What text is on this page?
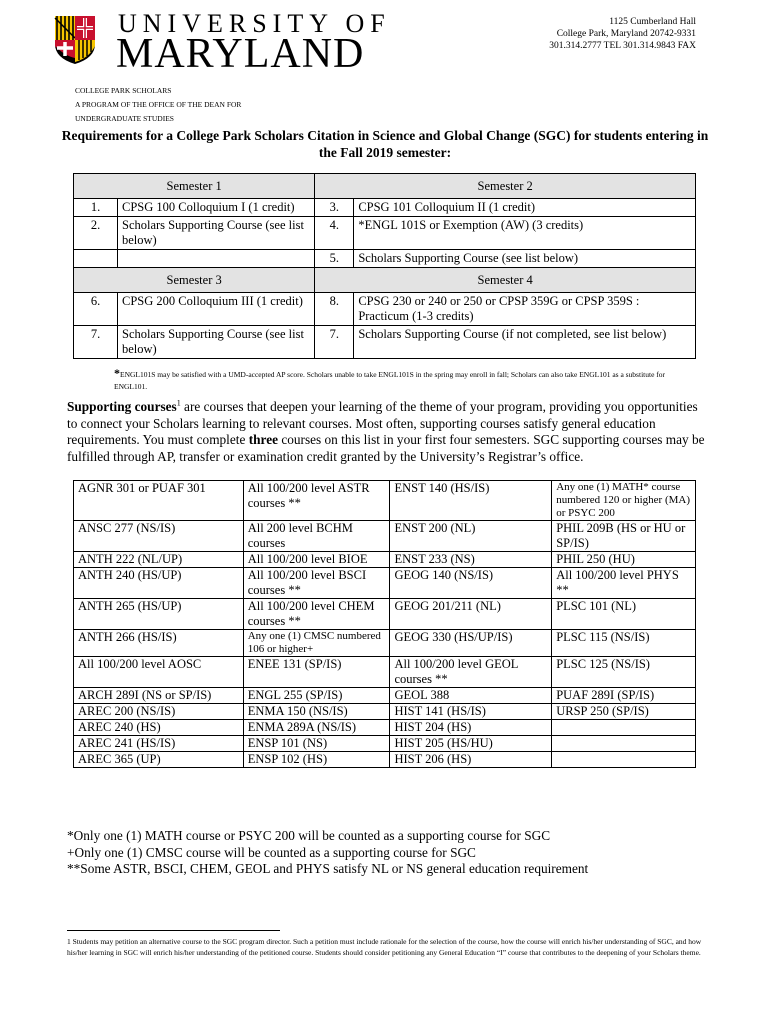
UNIVERSITY OF
MARYLAND
1125 Cumberland Hall
College Park, Maryland 20742-9331
301.314.2777 TEL 301.314.9843 FAX
COLLEGE PARK SCHOLARS
A PROGRAM OF THE OFFICE OF THE DEAN FOR
UNDERGRADUATE STUDIES
Requirements for a College Park Scholars Citation in Science and Global Change (SGC) for students entering in the Fall 2019 semester:
Semester 1		Semester 2	
1.	CPSG 100 Colloquium I (1 credit)	3.	CPSG 101 Colloquium II (1 credit)
2.	Scholars Supporting Course (see list below)	4.	*ENGL 101S or Exemption (AW) (3 credits)
		5.	Scholars Supporting Course (see list below)
Semester 3		Semester 4	
6.	CPSG 200 Colloquium III (1 credit)	8.	CPSG 230 or 240 or 250 or CPSP 359G or CPSP 359S : Practicum (1-3 credits)
7.	Scholars Supporting Course (see list below)	7.	Scholars Supporting Course (if not completed, see list below)
*ENGL101S may be satisfied with a UMD-accepted AP score. Scholars unable to take ENGL101S in the spring may enroll in fall; Scholars can also take ENGL101 as a substitute for ENGL101.
Supporting courses$^1$ are courses that deepen your learning of the theme of your program, providing you opportunities to connect your Scholars learning to relevant courses. Most often, supporting courses satisfy general education requirements. You must complete three courses on this list in your first four semesters. SGC supporting courses may be fulfilled through AP, transfer or examination credit granted by the University’s Registrar’s office.
AGNR 301 or PUAF 301	All 100/200 level ASTR courses **	ENST 140 (HS/IS)	Any one (1) MATH* course numbered 120 or higher (MA) or PSYC 200
ANSC 277 (NS/IS)	All 200 level BCHM courses	ENST 200 (NL)	PHIL 209B (HS or HU or SP/IS)
ANTH 222 (NL/UP)	All 100/200 level BIOE	ENST 233 (NS)	PHIL 250 (HU)
ANTH 240 (HS/UP)	All 100/200 level BSCI courses **	GEOG 140 (NS/IS)	All 100/200 level PHYS **
ANTH 265 (HS/UP)	All 100/200 level CHEM courses **	GEOG 201/211 (NL)	PLSC 101 (NL)
ANTH 266 (HS/IS)	Any one (1) CMSC numbered 106 or higher+	GEOG 330 (HS/UP/IS)	PLSC 115 (NS/IS)
All 100/200 level AOSC	ENEE 131 (SP/IS)	All 100/200 level GEOL courses **	PLSC 125 (NS/IS)
ARCH 289I (NS or SP/IS)	ENGL 255 (SP/IS)	GEOL 388	PUAF 289I (SP/IS)
AREC 200 (NS/IS)	ENMA 150 (NS/IS)	HIST 141 (HS/IS)	URSP 250 (SP/IS)
AREC 240 (HS)	ENMA 289A (NS/IS)	HIST 204 (HS)	
AREC 241 (HS/IS)	ENSP 101 (NS)	HIST 205 (HS/HU)	
AREC 365 (UP)	ENSP 102 (HS)	HIST 206 (HS)	
*Only one (1) MATH course or PSYC 200 will be counted as a supporting course for SGC
+Only one (1) CMSC course will be counted as a supporting course for SGC
**Some ASTR, BSCI, CHEM, GEOL and PHYS satisfy NL or NS general education requirement
1 Students may petition an alternative course to the SGC program director. Such a petition must include rationale for the selection of the course, how the course will enrich his/her understanding of SGC, and how his/her learning in SGC will enrich his/her understanding of the petitioned course. Students should consider petitioning any General Education “I” course that contributes to the deepening of your Scholars theme.
